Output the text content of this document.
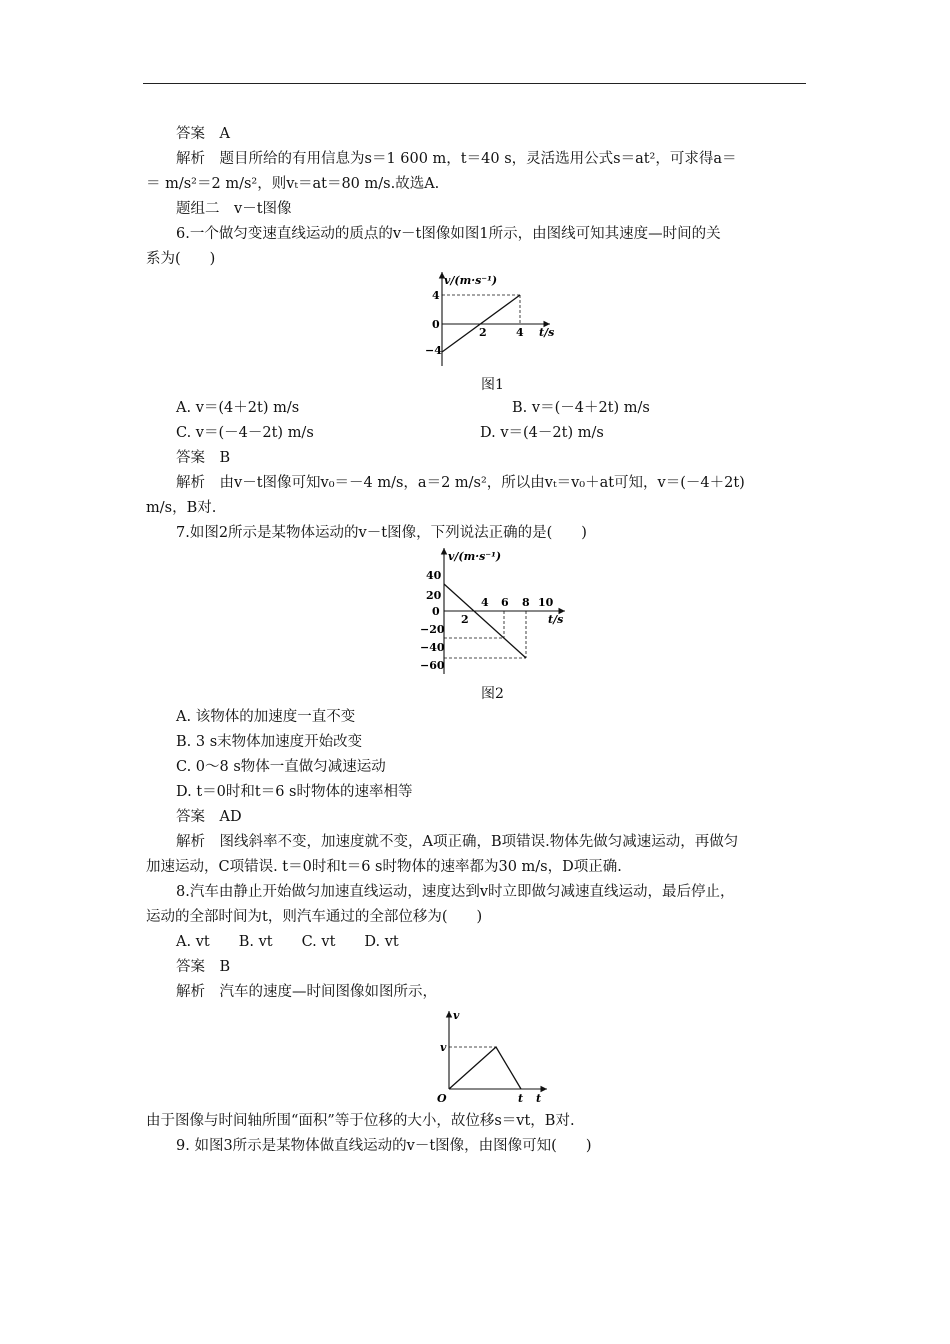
答案　A
解析　题目所给的有用信息为s＝1 600 m，t＝40 s，灵活选用公式s＝at²，可求得a＝
＝ m/s²＝2 m/s²，则vₜ＝at＝80 m/s.故选A.
题组二　v－t图像
6.一个做匀变速直线运动的质点的v－t图像如图1所示，由图线可知其速度—时间的关
系为(　　)
v/(m·s⁻¹)
t/s
4
0
−4
2	4
图1
A. v＝(4＋2t) m/s	B. v＝(－4＋2t) m/s
C. v＝(－4－2t) m/s	D. v＝(4－2t) m/s
答案　B
解析　由v－t图像可知v₀＝－4 m/s，a＝2 m/s²，所以由vₜ＝v₀＋at可知，v＝(－4＋2t)
m/s，B对.
7.如图2所示是某物体运动的v－t图像，下列说法正确的是(　　)
v/(m·s⁻¹)
t/s
40
20
0
−20
−40
−60
2
4 6 8 10
图2
A. 该物体的加速度一直不变
B. 3 s末物体加速度开始改变
C. 0～8 s物体一直做匀减速运动
D. t＝0时和t＝6 s时物体的速率相等
答案　AD
解析　图线斜率不变，加速度就不变，A项正确，B项错误.物体先做匀减速运动，再做匀
加速运动，C项错误. t＝0时和t＝6 s时物体的速率都为30 m/s，D项正确.
8.汽车由静止开始做匀加速直线运动，速度达到v时立即做匀减速直线运动，最后停止，
运动的全部时间为t，则汽车通过的全部位移为(　　)
A. vt　　B. vt　　C. vt　　D. vt
答案　B
解析　汽车的速度—时间图像如图所示，
v
v
O	t t
由于图像与时间轴所围“面积”等于位移的大小，故位移s＝vt，B对.
9. 如图3所示是某物体做直线运动的v－t图像，由图像可知(　　)
